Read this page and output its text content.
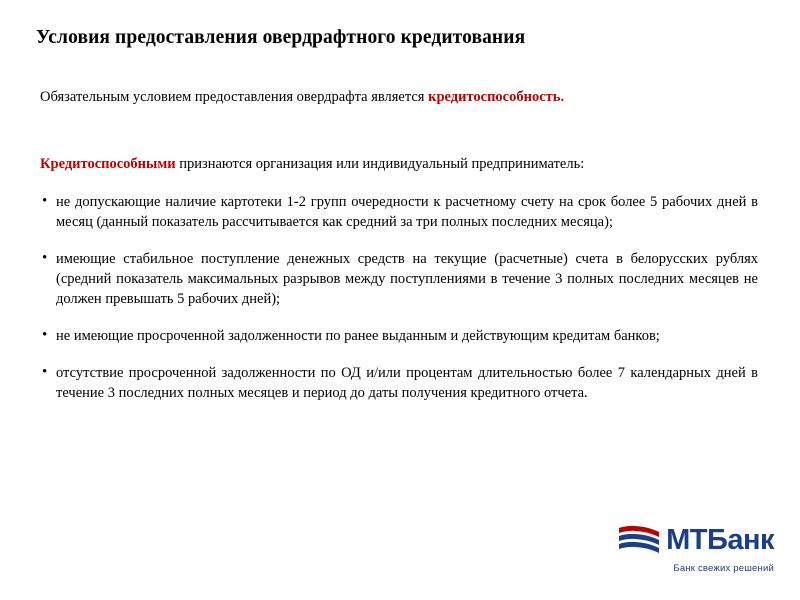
Условия предоставления овердрафтного кредитования
Обязательным условием предоставления овердрафта является кредитоспособность.
Кредитоспособными признаются организация или индивидуальный предприниматель:
• не допускающие наличие картотеки 1-2 групп очередности к расчетному счету на срок более 5 рабочих дней в месяц (данный показатель рассчитывается как средний за три полных последних месяца);
• имеющие стабильное поступление денежных средств на текущие (расчетные) счета в белорусских рублях (средний показатель максимальных разрывов между поступлениями в течение 3 полных последних месяцев не должен превышать 5 рабочих дней);
• не имеющие просроченной задолженности по ранее выданным и действующим кредитам банков;
• отсутствие просроченной задолженности по ОД и/или процентам длительностью более 7 календарных дней в течение 3 последних полных месяцев и период до даты получения кредитного отчета.
МТБанк
Банк свежих решений
